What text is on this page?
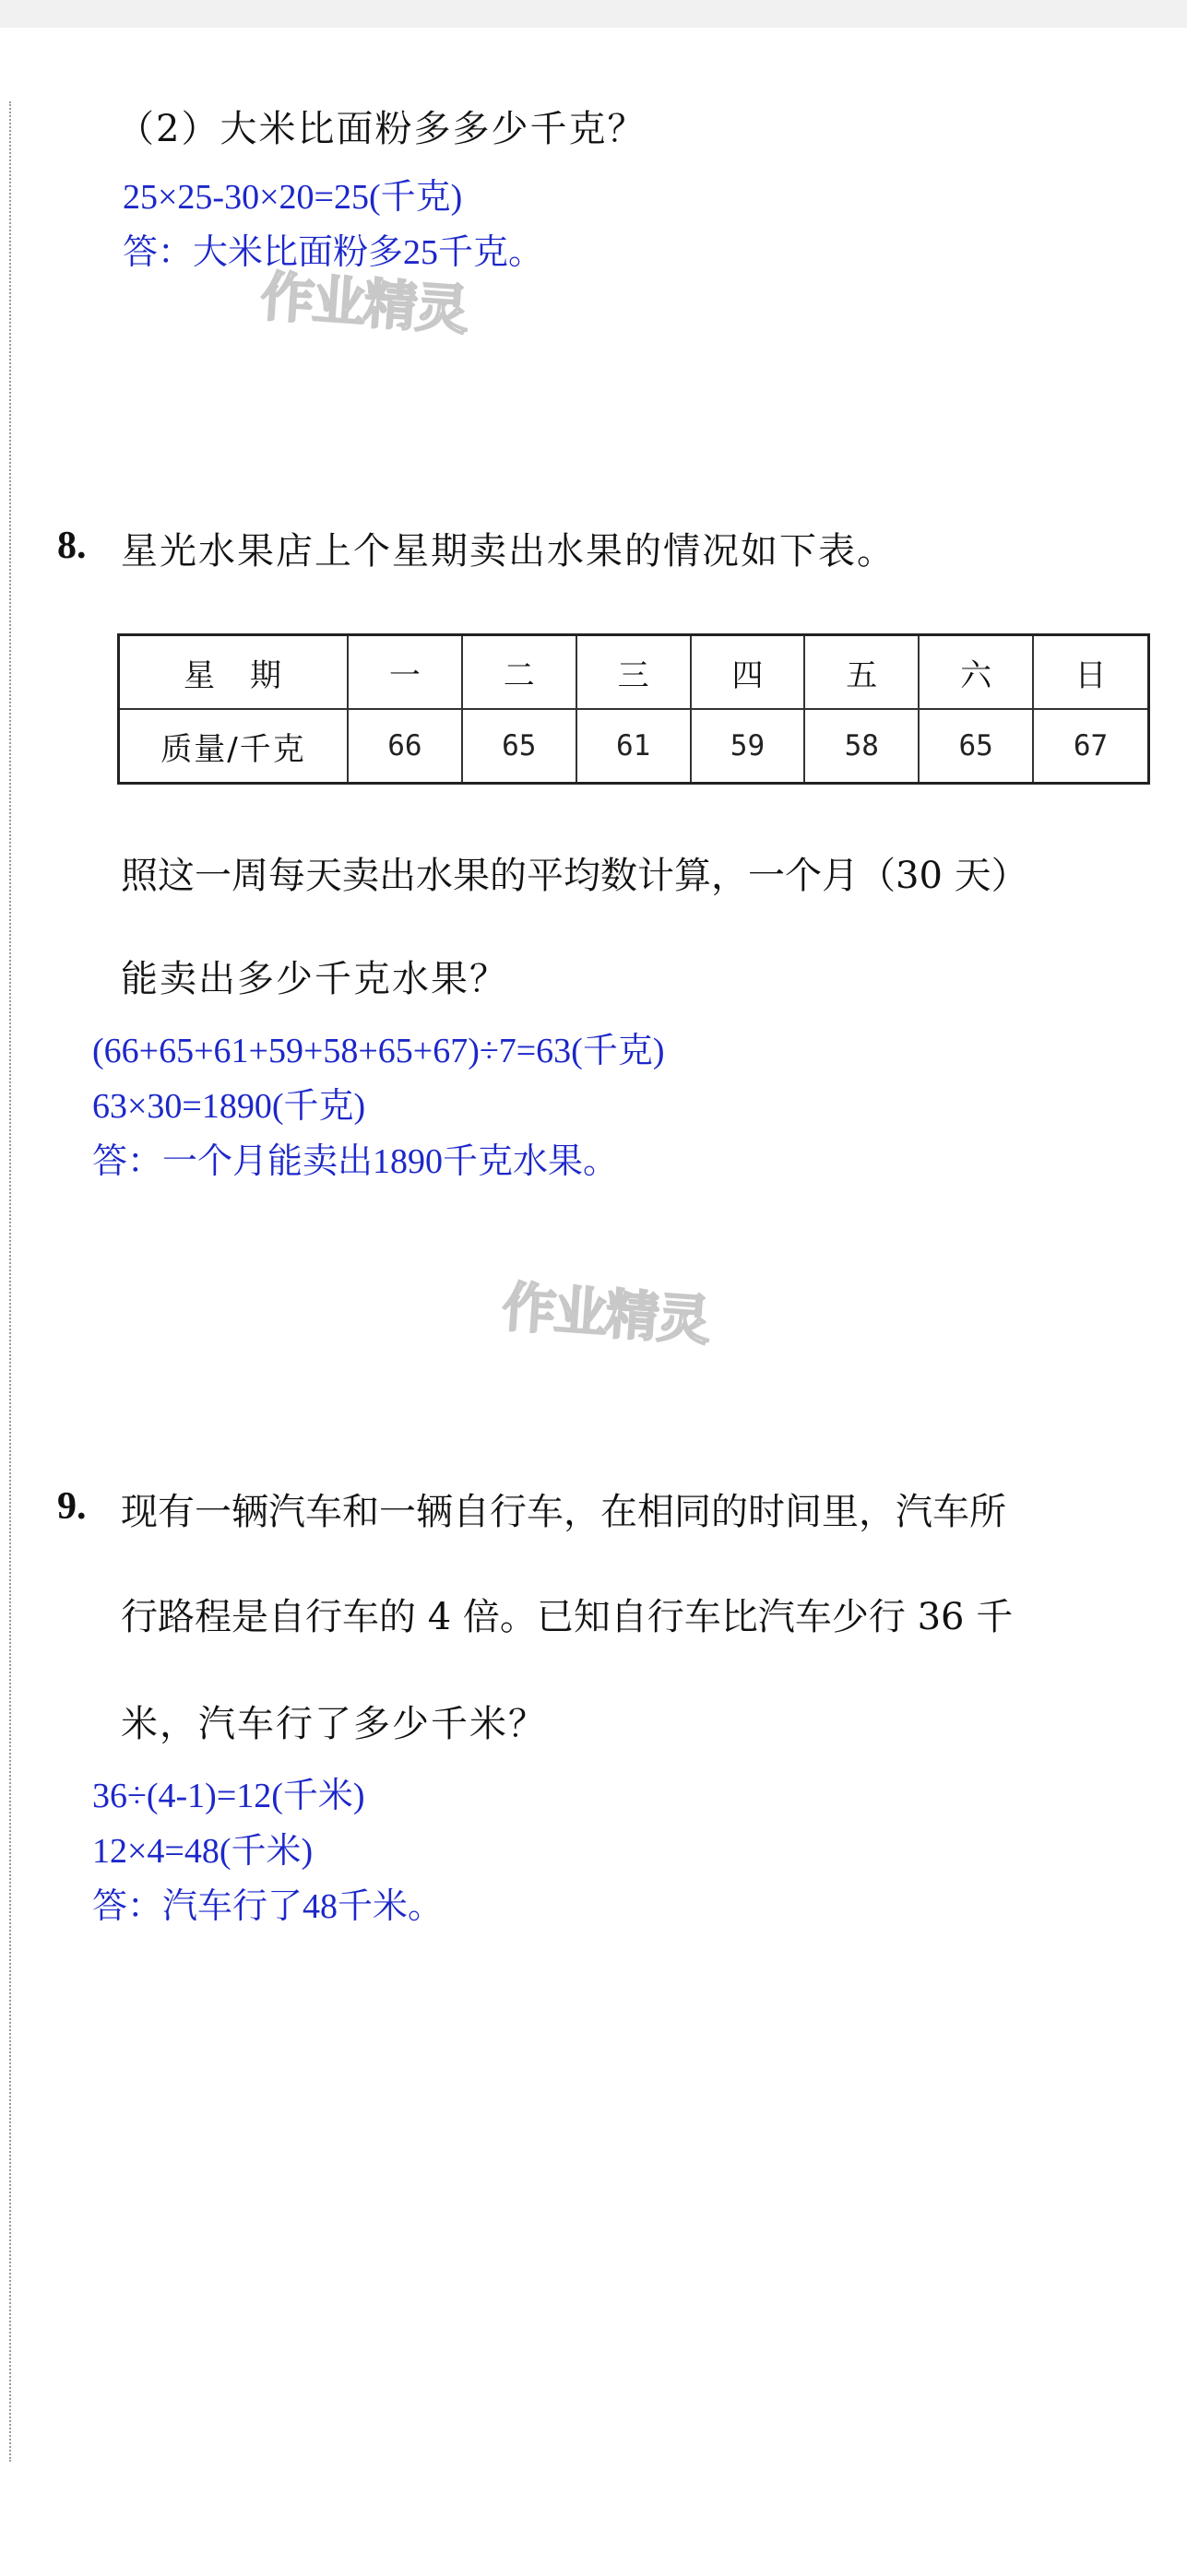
（2）大米比面粉多多少千克？
25×25-30×20=25(千克)
答：大米比面粉多25千克。
作业精灵
8. 星光水果店上个星期卖出水果的情况如下表。
星　期	一	二	三	四	五	六	日
质量/千克	66	65	61	59	58	65	67
照这一周每天卖出水果的平均数计算，一个月（30 天）
能卖出多少千克水果？
(66+65+61+59+58+65+67)÷7=63(千克)
63×30=1890(千克)
答：一个月能卖出1890千克水果。
作业精灵
9. 现有一辆汽车和一辆自行车，在相同的时间里，汽车所
行路程是自行车的 4 倍。已知自行车比汽车少行 36 千
米，汽车行了多少千米？
36÷(4-1)=12(千米)
12×4=48(千米)
答：汽车行了48千米。
